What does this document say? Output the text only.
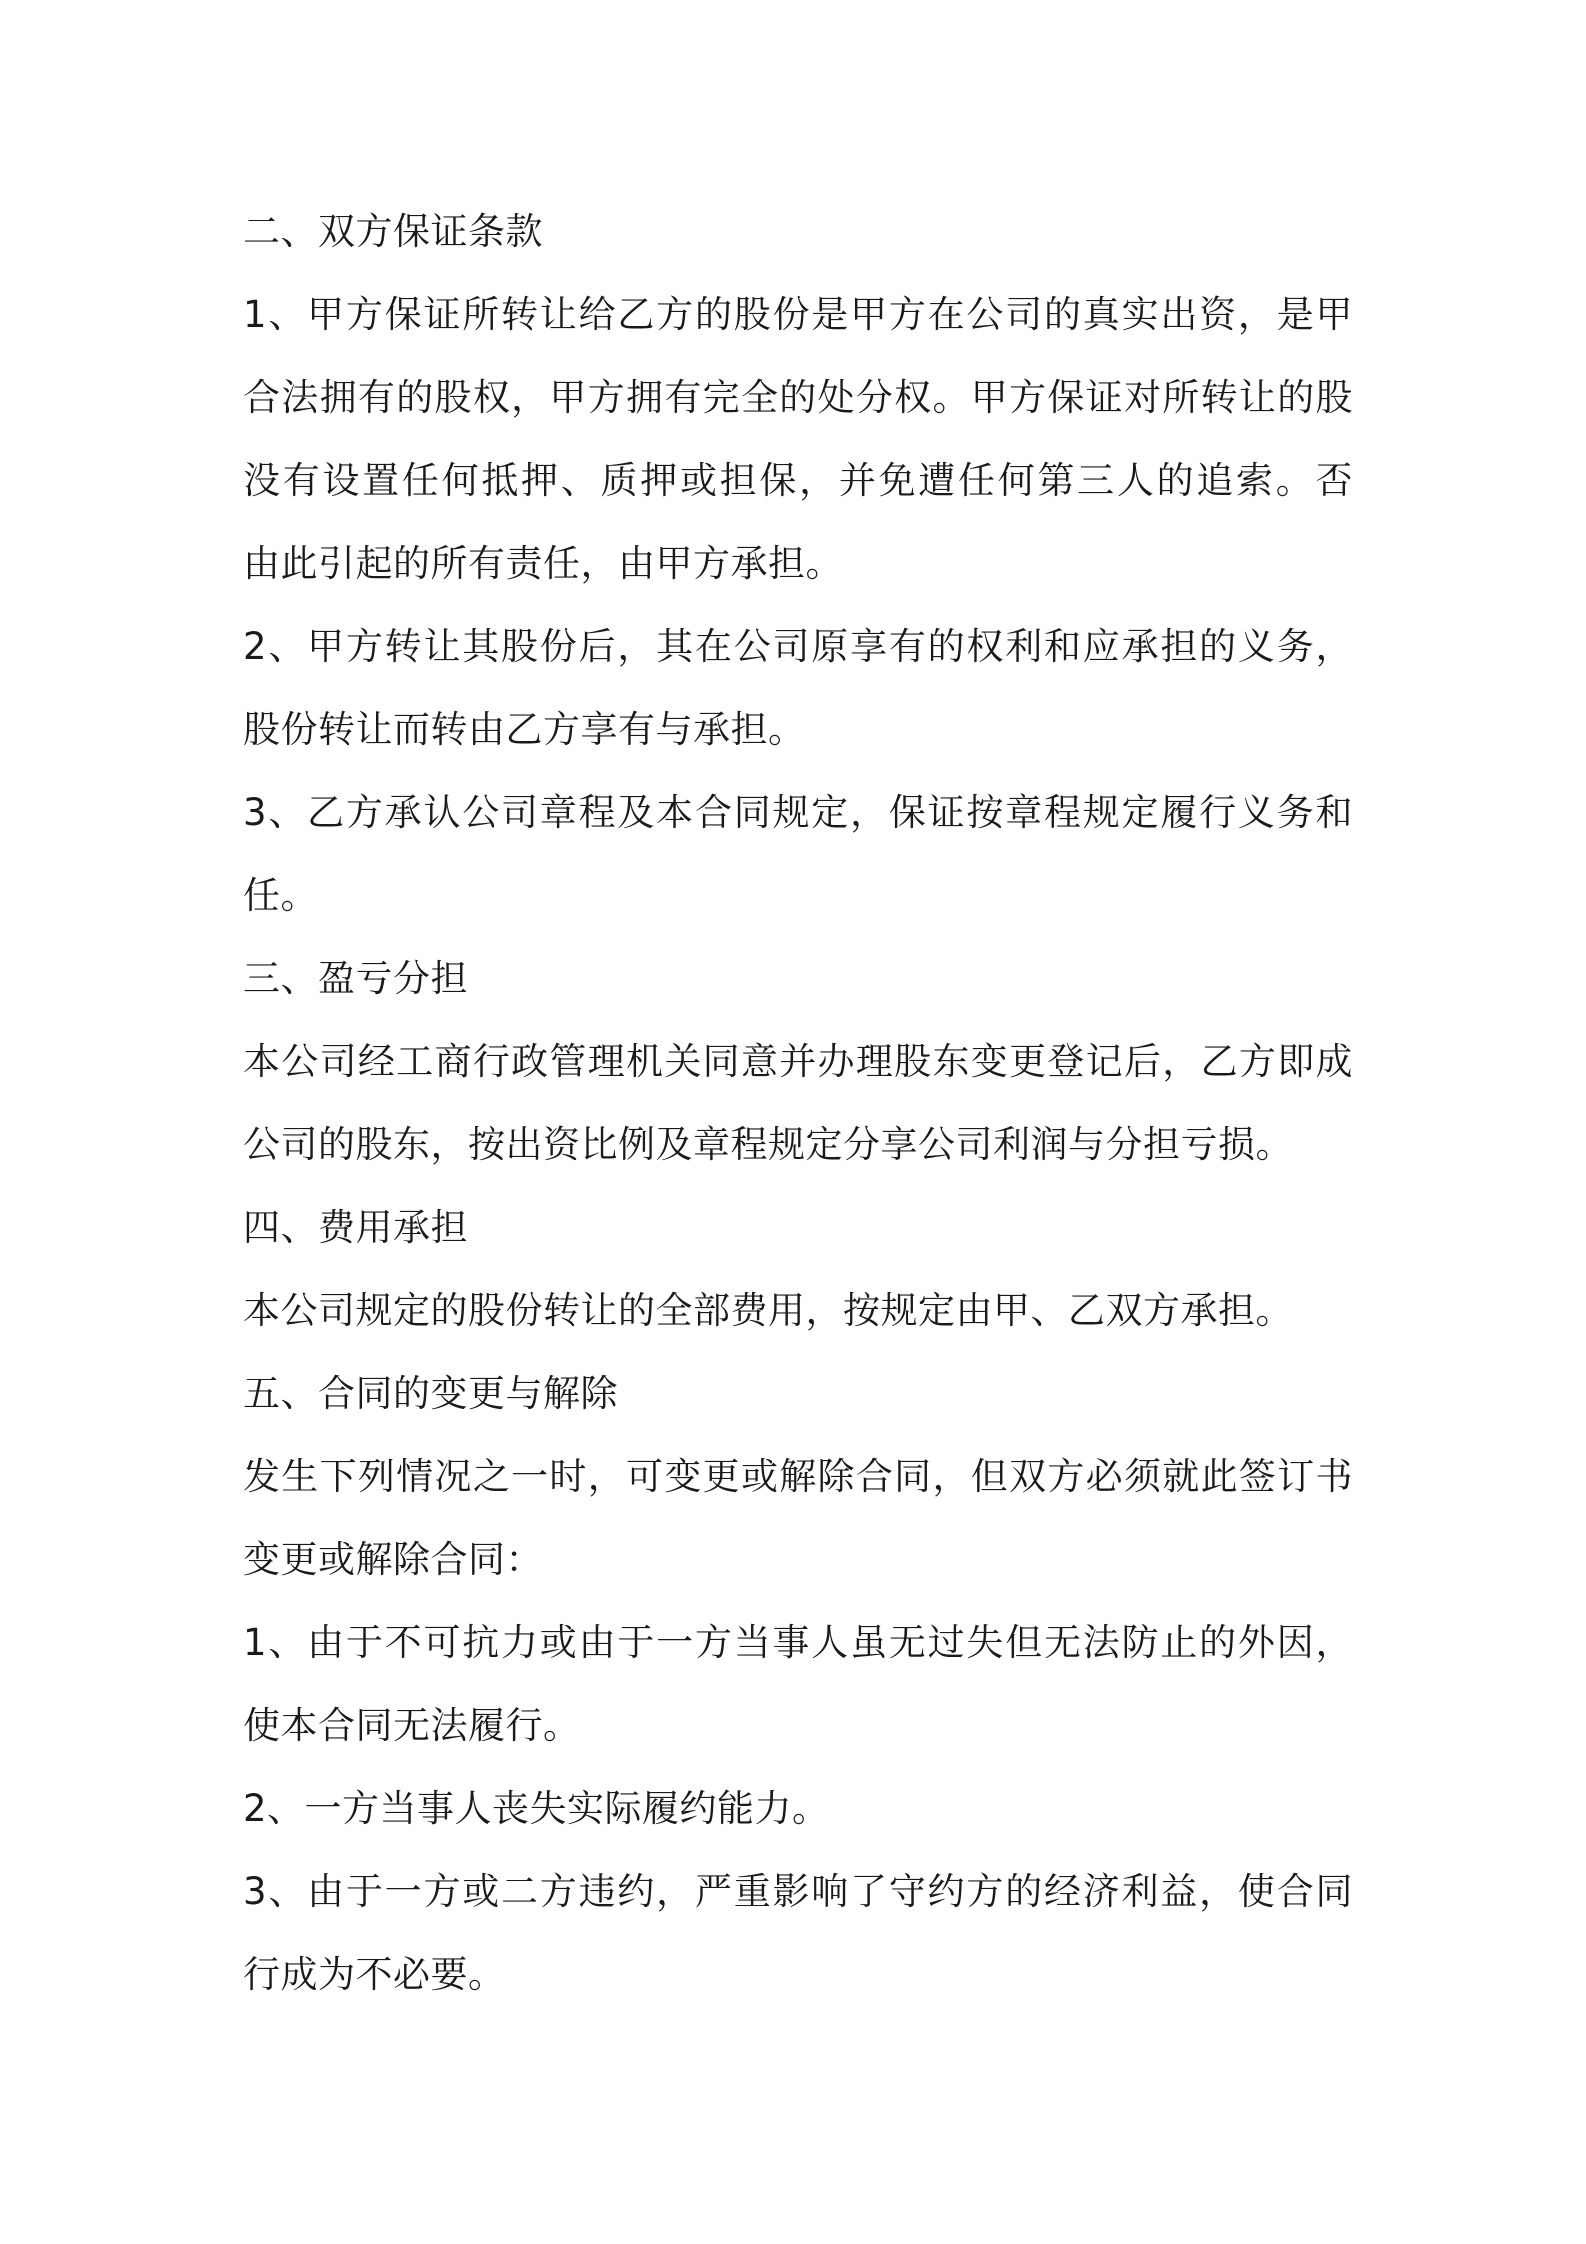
二、双方保证条款
1、甲方保证所转让给乙方的股份是甲方在公司的真实出资，是甲
合法拥有的股权，甲方拥有完全的处分权。甲方保证对所转让的股
没有设置任何抵押、质押或担保，并免遭任何第三人的追索。否
由此引起的所有责任，由甲方承担。
2、甲方转让其股份后，其在公司原享有的权利和应承担的义务，
股份转让而转由乙方享有与承担。
3、乙方承认公司章程及本合同规定，保证按章程规定履行义务和
任。
三、盈亏分担
本公司经工商行政管理机关同意并办理股东变更登记后，乙方即成
公司的股东，按出资比例及章程规定分享公司利润与分担亏损。
四、费用承担
本公司规定的股份转让的全部费用，按规定由甲、乙双方承担。
五、合同的变更与解除
发生下列情况之一时，可变更或解除合同，但双方必须就此签订书
变更或解除合同：
1、由于不可抗力或由于一方当事人虽无过失但无法防止的外因，
使本合同无法履行。
2、一方当事人丧失实际履约能力。
3、由于一方或二方违约，严重影响了守约方的经济利益，使合同
行成为不必要。
